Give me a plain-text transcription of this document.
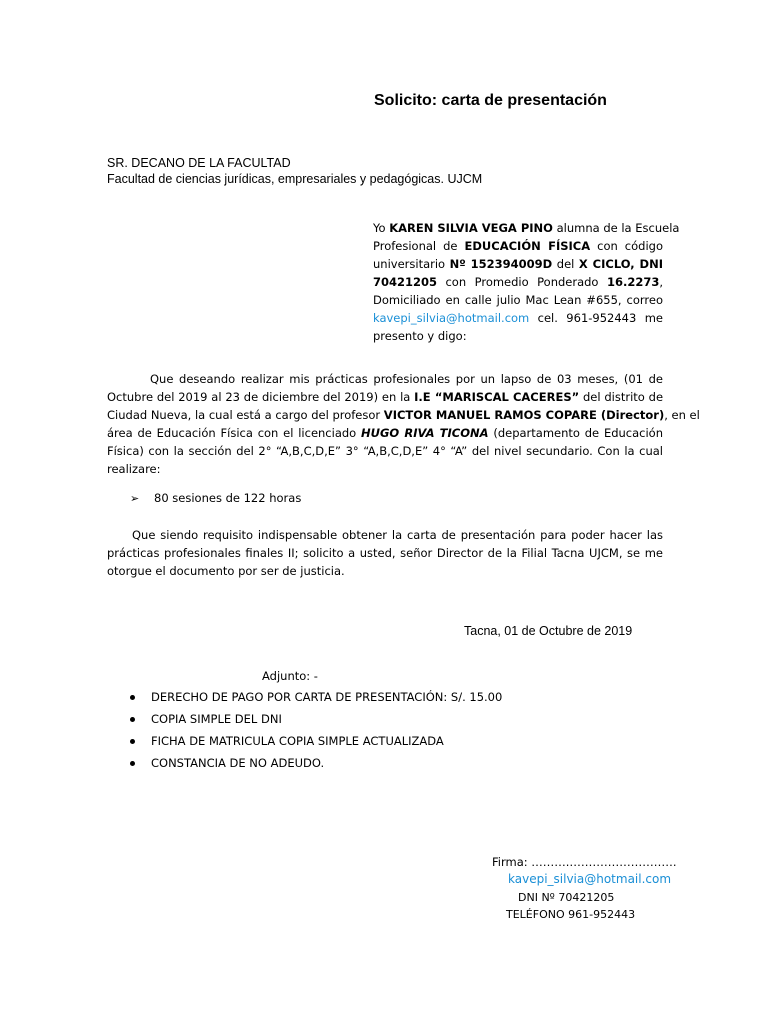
Solicito: carta de presentación
SR. DECANO DE LA FACULTAD
Facultad de ciencias jurídicas, empresariales y pedagógicas. UJCM
Yo KAREN SILVIA VEGA PINO alumna de la Escuela
Profesional de EDUCACIÓN FÍSICA con código
universitario Nº 152394009D del X CICLO, DNI
70421205 con Promedio Ponderado 16.2273,
Domiciliado en calle julio Mac Lean #655, correo
kavepi_silvia@hotmail.com cel. 961-952443 me
presento y digo:
Que deseando realizar mis prácticas profesionales por un lapso de 03 meses, (01 de
Octubre del 2019 al 23 de diciembre del 2019) en la I.E “MARISCAL CACERES” del distrito de
Ciudad Nueva, la cual está a cargo del profesor VICTOR MANUEL RAMOS COPARE (Director), en el
área de Educación Física con el licenciado HUGO RIVA TICONA (departamento de Educación
Física) con la sección del 2° “A,B,C,D,E” 3° “A,B,C,D,E” 4° “A” del nivel secundario. Con la cual
realizare:
➢ 80 sesiones de 122 horas
Que siendo requisito indispensable obtener la carta de presentación para poder hacer las
prácticas profesionales finales II; solicito a usted, señor Director de la Filial Tacna UJCM, se me
otorgue el documento por ser de justicia.
Tacna, 01 de Octubre de 2019
Adjunto: -
DERECHO DE PAGO POR CARTA DE PRESENTACIÓN: S/. 15.00
COPIA SIMPLE DEL DNI
FICHA DE MATRICULA COPIA SIMPLE ACTUALIZADA
CONSTANCIA DE NO ADEUDO.
Firma: ……….……………………….
kavepi_silvia@hotmail.com
DNI Nº 70421205
TELÉFONO 961-952443
